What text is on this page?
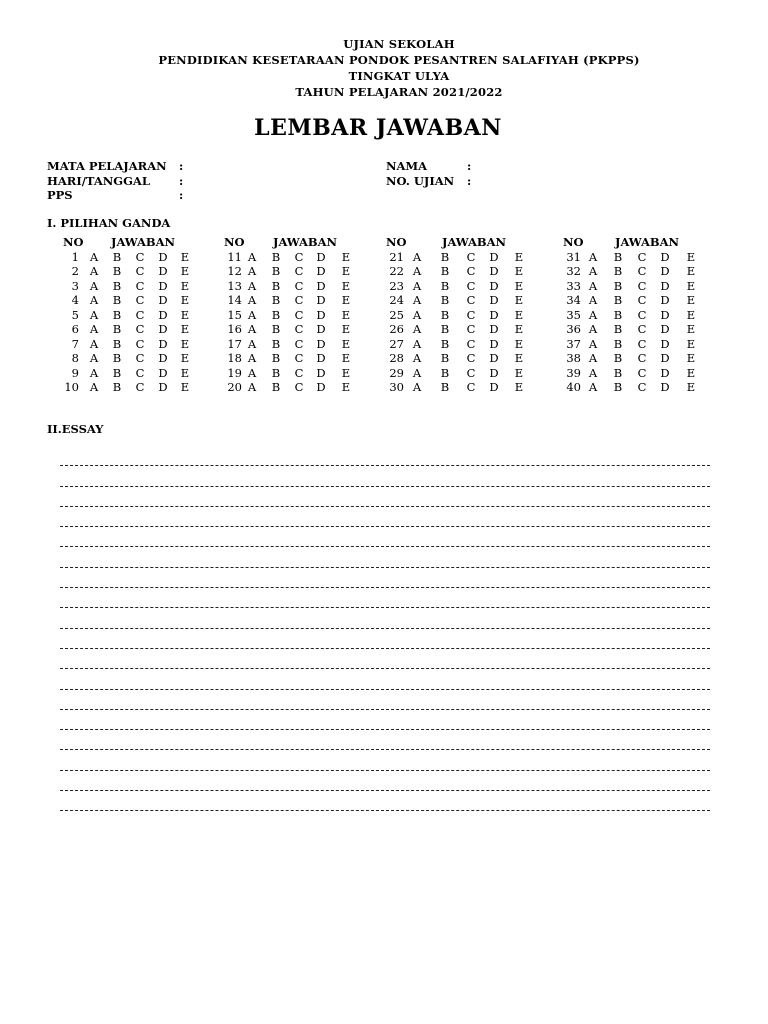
UJIAN SEKOLAH
PENDIDIKAN KESETARAAN PONDOK PESANTREN SALAFIYAH (PKPPS)
TINGKAT ULYA
TAHUN PELAJARAN 2021/2022
LEMBAR JAWABAN
MATA PELAJARAN	:
HARI/TANGGAL	:
PPS	:
NAMA	:
NO. UJIAN	:
I. PILIHAN GANDA
NO JAWABAN
1 A B C D E
2 A B C D E
3 A B C D E
4 A B C D E
5 A B C D E
6 A B C D E
7 A B C D E
8 A B C D E
9 A B C D E
10 A B C D E
NO JAWABAN
11 A B C D E
12 A B C D E
13 A B C D E
14 A B C D E
15 A B C D E
16 A B C D E
17 A B C D E
18 A B C D E
19 A B C D E
20 A B C D E
NO	JAWABAN
21 A B C D E
22 A B C D E
23 A B C D E
24 A B C D E
25 A B C D E
26 A B C D E
27 A B C D E
28 A B C D E
29 A B C D E
30 A B C D E
NO	JAWABAN
31 A B C D E
32 A B C D E
33 A B C D E
34 A B C D E
35 A B C D E
36 A B C D E
37 A B C D E
38 A B C D E
39 A B C D E
40 A B C D E
II.ESSAY
